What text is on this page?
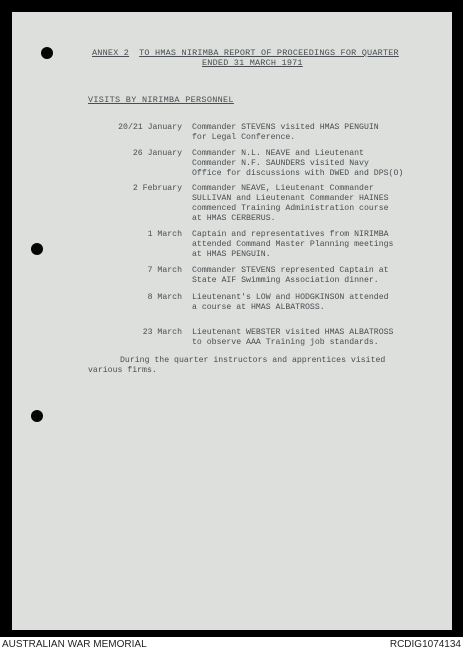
ANNEX 2 TO HMAS NIRIMBA REPORT OF PROCEEDINGS FOR QUARTER
ENDED 31 MARCH 1971
VISITS BY NIRIMBA PERSONNEL
20/21 January Commander STEVENS visited HMAS PENGUIN
for Legal Conference.
26 January Commander N.L. NEAVE and Lieutenant
Commander N.F. SAUNDERS visited Navy
Office for discussions with DWED and DPS(O)
2 February Commander NEAVE, Lieutenant Commander
SULLIVAN and Lieutenant Commander HAINES
commenced Training Administration course
at HMAS CERBERUS.
1 March Captain and representatives from NIRIMBA
attended Command Master Planning meetings
at HMAS PENGUIN.
7 March Commander STEVENS represented Captain at
State AIF Swimming Association dinner.
8 March Lieutenant's LOW and HODGKINSON attended
a course at HMAS ALBATROSS.
23 March Lieutenant WEBSTER visited HMAS ALBATROSS
to observe AAA Training job standards.
During the quarter instructors and apprentices visited
various firms.
AUSTRALIAN WAR MEMORIAL	RCDIG1074134
